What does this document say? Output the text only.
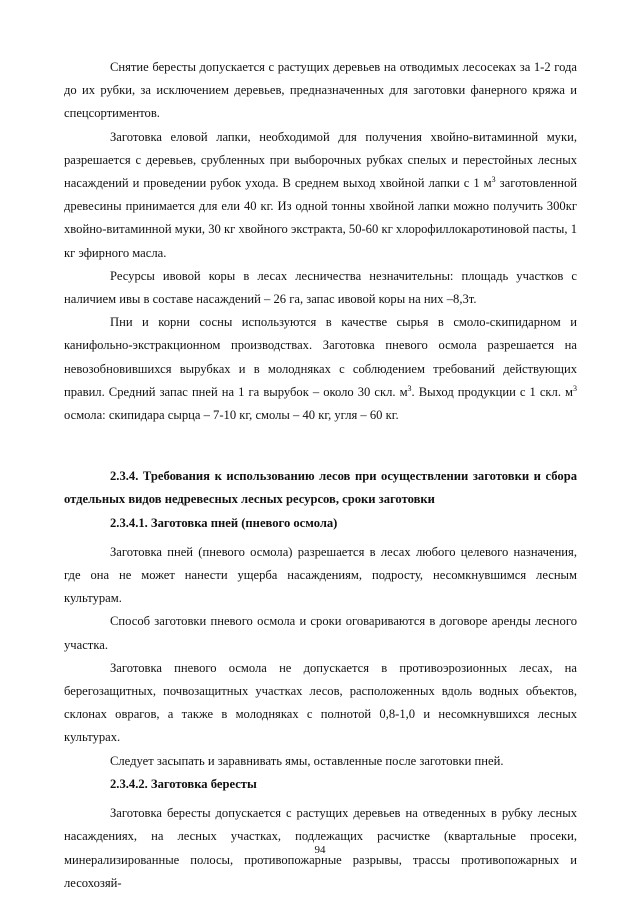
Снятие бересты допускается с растущих деревьев на отводимых лесосеках за 1-2 года до их рубки, за исключением деревьев, предназначенных для заготовки фанерного кряжа и спецсортиментов.

Заготовка еловой лапки, необходимой для получения хвойно-витаминной муки, разрешается с деревьев, срубленных при выборочных рубках спелых и перестойных лесных насаждений и проведении рубок ухода. В среднем выход хвойной лапки с 1 $м^3$ заготовленной древесины принимается для ели 40 кг. Из одной тонны хвойной лапки можно получить 300кг хвойно-витаминной муки, 30 кг хвойного экстракта, 50-60 кг хлорофиллокаротиновой пасты, 1 кг эфирного масла.

Ресурсы ивовой коры в лесах лесничества незначительны: площадь участков с наличием ивы в составе насаждений – 26 га, запас ивовой коры на них –8,3т.

Пни и корни сосны используются в качестве сырья в смоло-скипидарном и канифольно-экстракционном производствах. Заготовка пневого осмола разрешается на невозобновившихся вырубках и в молодняках с соблюдением требований действующих правил. Средний запас пней на 1 га вырубок – около 30 скл. $м^3$. Выход продукции с 1 скл. $м^3$ осмола: скипидара сырца – 7-10 кг, смолы – 40 кг, угля – 60 кг.

2.3.4. Требования к использованию лесов при осуществлении заготовки и сбора отдельных видов недревесных лесных ресурсов, сроки заготовки

2.3.4.1. Заготовка пней (пневого осмола)

Заготовка пней (пневого осмола) разрешается в лесах любого целевого назначения, где она не может нанести ущерба насаждениям, подросту, несомкнувшимся лесным культурам.

Способ заготовки пневого осмола и сроки оговариваются в договоре аренды лесного участка.

Заготовка пневого осмола не допускается в противоэрозионных лесах, на берегозащитных, почвозащитных участках лесов, расположенных вдоль водных объектов, склонах оврагов, а также в молодняках с полнотой 0,8-1,0 и несомкнувшихся лесных культурах.

Следует засыпать и заравнивать ямы, оставленные после заготовки пней.

2.3.4.2. Заготовка бересты

Заготовка бересты допускается с растущих деревьев на отведенных в рубку лесных насаждениях, на лесных участках, подлежащих расчистке (квартальные просеки, минерализированные полосы, противопожарные разрывы, трассы противопожарных и лесохозяй-

94
